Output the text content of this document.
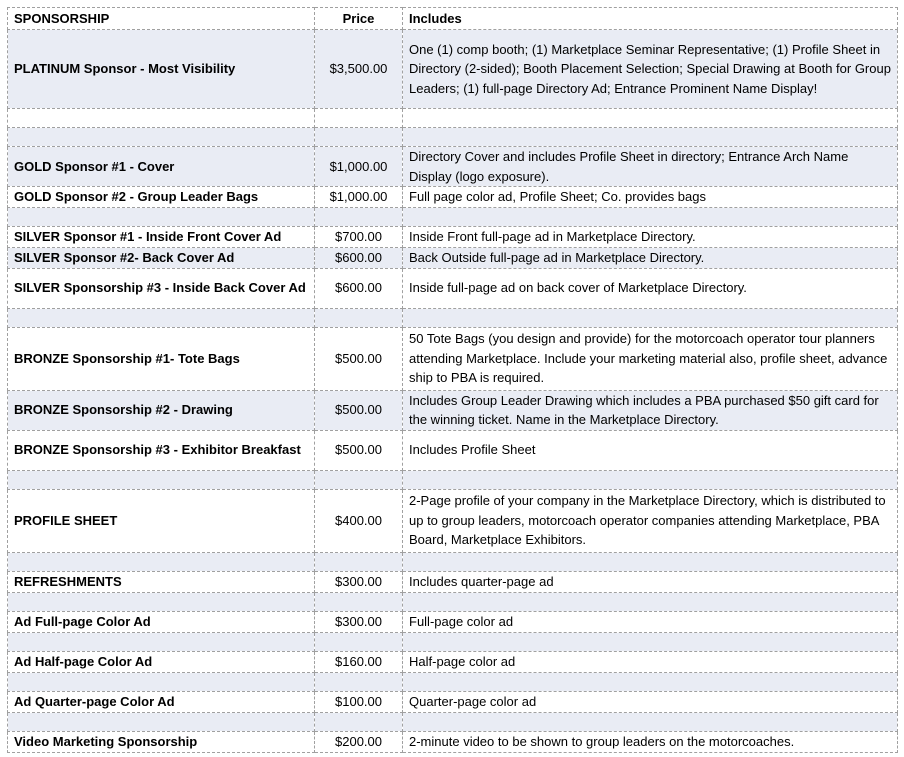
SPONSORSHIP	Price	Includes
PLATINUM Sponsor - Most Visibility	$3,500.00	One (1) comp booth; (1) Marketplace Seminar Representative; (1) Profile Sheet in Directory (2-sided); Booth Placement Selection; Special Drawing at Booth for Group Leaders; (1) full-page Directory Ad; Entrance Prominent Name Display!

GOLD Sponsor #1 - Cover	$1,000.00	Directory Cover and includes Profile Sheet in directory; Entrance Arch Name Display (logo exposure).
GOLD Sponsor #2 - Group Leader Bags	$1,000.00	Full page color ad, Profile Sheet; Co. provides bags

SILVER Sponsor #1 - Inside Front Cover Ad	$700.00	Inside Front full-page ad in Marketplace Directory.
SILVER Sponsor #2- Back Cover Ad	$600.00	Back Outside full-page ad in Marketplace Directory.
SILVER Sponsorship #3 - Inside Back Cover Ad	$600.00	Inside full-page ad on back cover of Marketplace Directory.

BRONZE Sponsorship #1- Tote Bags	$500.00	50 Tote Bags (you design and provide) for the motorcoach operator tour planners attending Marketplace. Include your marketing material also, profile sheet, advance ship to PBA is required.
BRONZE Sponsorship #2 - Drawing	$500.00	Includes Group Leader Drawing which includes a PBA purchased $50 gift card for the winning ticket. Name in the Marketplace Directory.
BRONZE Sponsorship #3 - Exhibitor Breakfast	$500.00	Includes Profile Sheet

PROFILE SHEET	$400.00	2-Page profile of your company in the Marketplace Directory, which is distributed to up to group leaders, motorcoach operator companies attending Marketplace, PBA Board, Marketplace Exhibitors.

REFRESHMENTS	$300.00	Includes quarter-page ad

Ad Full-page Color Ad	$300.00	Full-page color ad

Ad Half-page Color Ad	$160.00	Half-page color ad

Ad Quarter-page Color Ad	$100.00	Quarter-page color ad

Video Marketing Sponsorship	$200.00	2-minute video to be shown to group leaders on the motorcoaches.
